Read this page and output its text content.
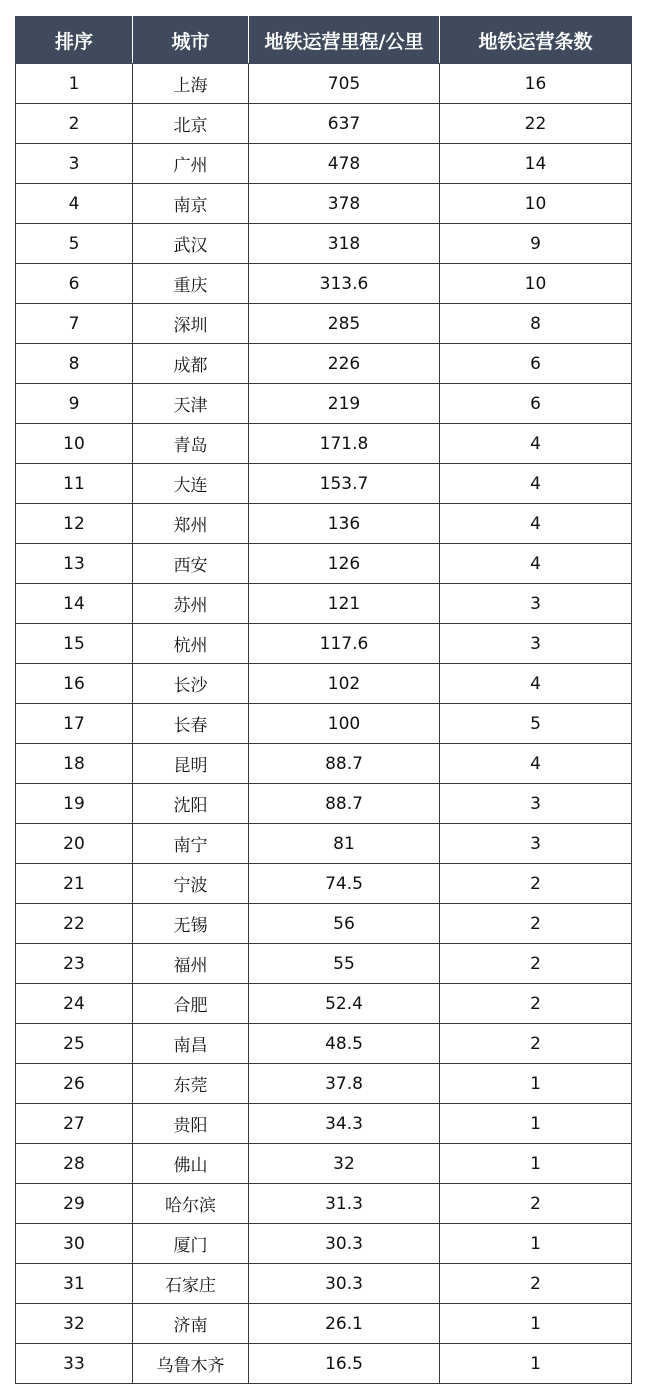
排序	城市	地铁运营里程/公里	地铁运营条数
1	上海	705	16
2	北京	637	22
3	广州	478	14
4	南京	378	10
5	武汉	318	9
6	重庆	313.6	10
7	深圳	285	8
8	成都	226	6
9	天津	219	6
10	青岛	171.8	4
11	大连	153.7	4
12	郑州	136	4
13	西安	126	4
14	苏州	121	3
15	杭州	117.6	3
16	长沙	102	4
17	长春	100	5
18	昆明	88.7	4
19	沈阳	88.7	3
20	南宁	81	3
21	宁波	74.5	2
22	无锡	56	2
23	福州	55	2
24	合肥	52.4	2
25	南昌	48.5	2
26	东莞	37.8	1
27	贵阳	34.3	1
28	佛山	32	1
29	哈尔滨	31.3	2
30	厦门	30.3	1
31	石家庄	30.3	2
32	济南	26.1	1
33	乌鲁木齐	16.5	1
